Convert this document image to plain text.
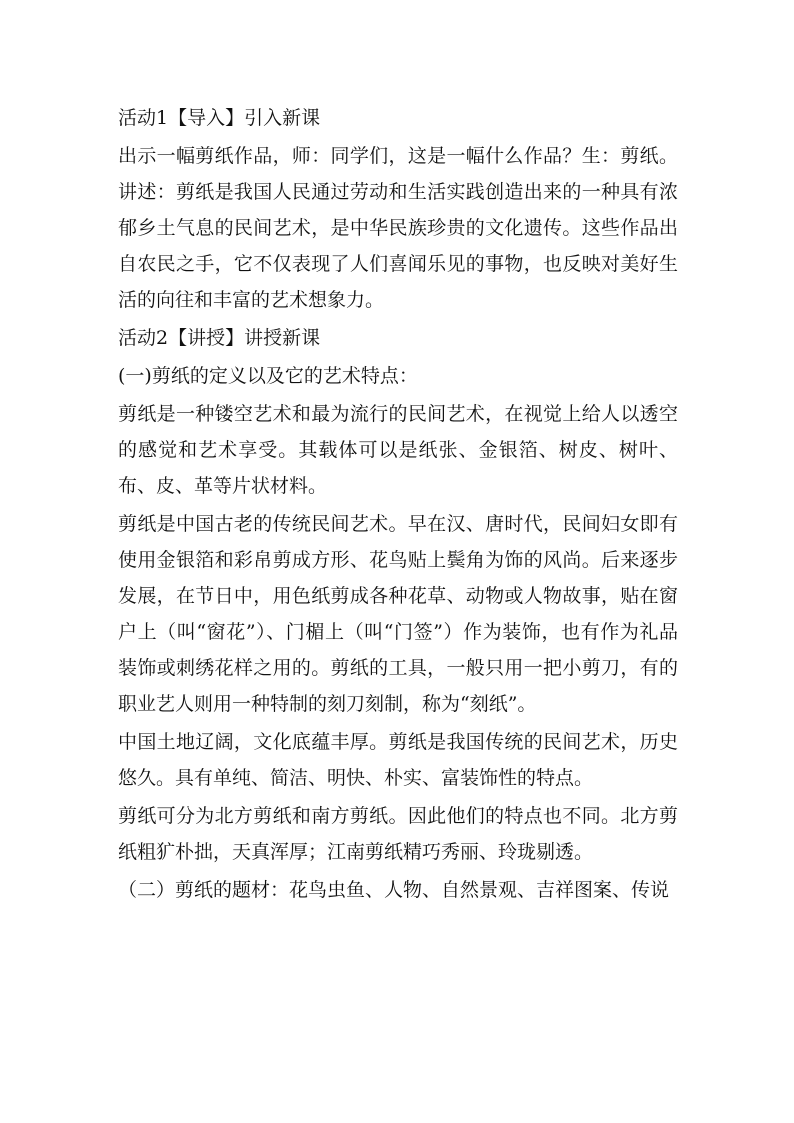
活动1【导入】引入新课

出示一幅剪纸作品，师：同学们，这是一幅什么作品？生：剪纸。讲述：剪纸是我国人民通过劳动和生活实践创造出来的一种具有浓郁乡土气息的民间艺术，是中华民族珍贵的文化遗传。这些作品出自农民之手，它不仅表现了人们喜闻乐见的事物，也反映对美好生活的向往和丰富的艺术想象力。

活动2【讲授】讲授新课

(一)剪纸的定义以及它的艺术特点：

剪纸是一种镂空艺术和最为流行的民间艺术，在视觉上给人以透空的感觉和艺术享受。其载体可以是纸张、金银箔、树皮、树叶、布、皮、革等片状材料。

剪纸是中国古老的传统民间艺术。早在汉、唐时代，民间妇女即有使用金银箔和彩帛剪成方形、花鸟贴上鬓角为饰的风尚。后来逐步发展，在节日中，用色纸剪成各种花草、动物或人物故事，贴在窗户上（叫“窗花”）、门楣上（叫“门签”）作为装饰，也有作为礼品装饰或刺绣花样之用的。剪纸的工具，一般只用一把小剪刀，有的职业艺人则用一种特制的刻刀刻制，称为“刻纸”。

中国土地辽阔，文化底蕴丰厚。剪纸是我国传统的民间艺术，历史悠久。具有单纯、简洁、明快、朴实、富装饰性的特点。

剪纸可分为北方剪纸和南方剪纸。因此他们的特点也不同。北方剪纸粗犷朴拙，天真浑厚；江南剪纸精巧秀丽、玲珑剔透。

（二）剪纸的题材：花鸟虫鱼、人物、自然景观、吉祥图案、传说
